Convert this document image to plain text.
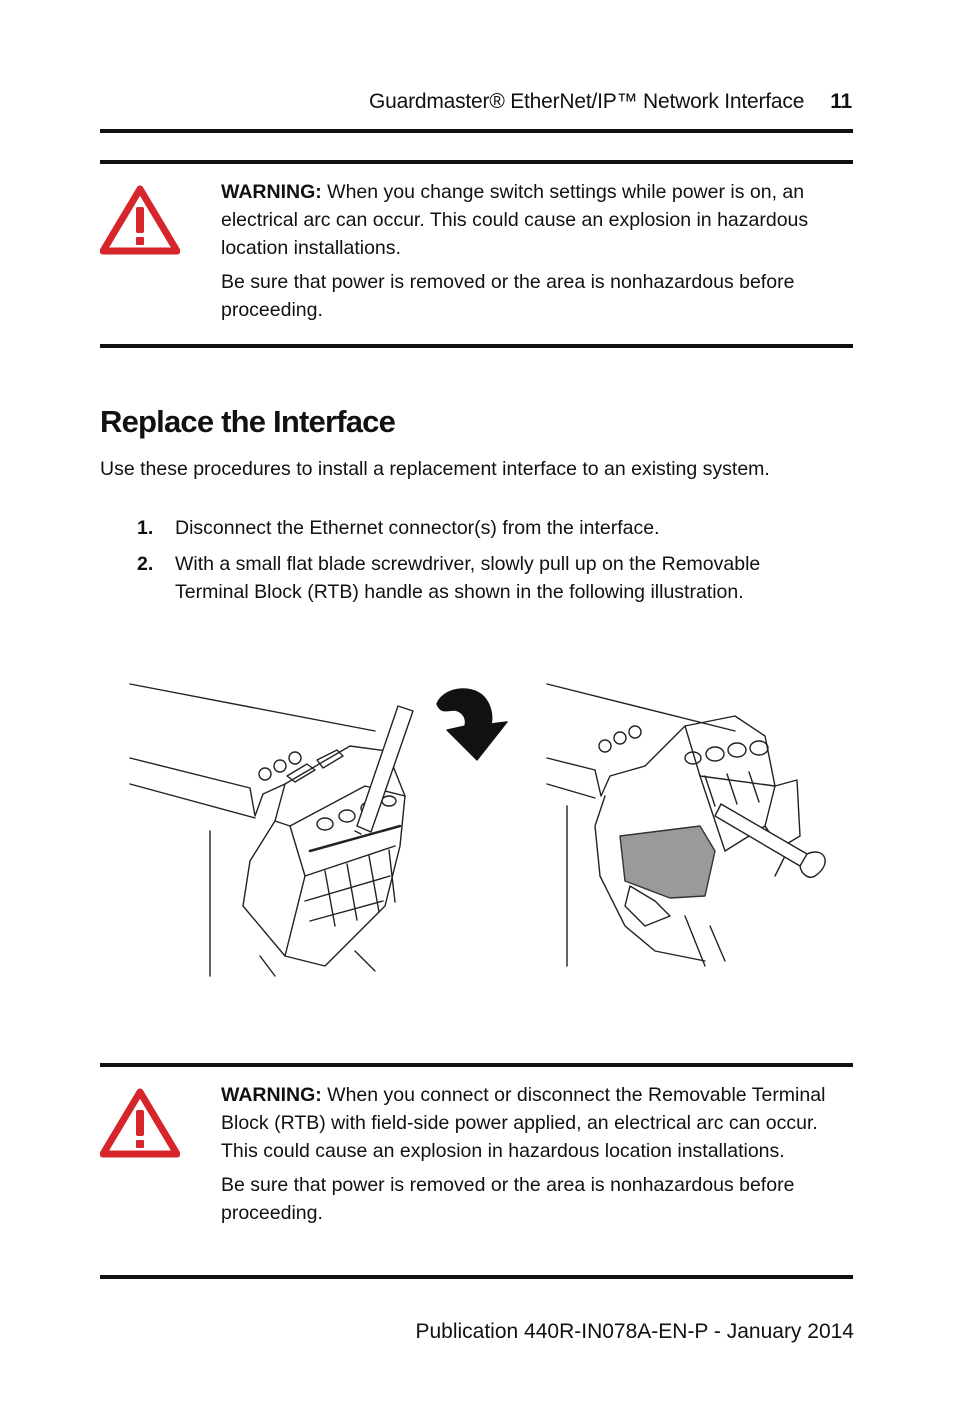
Guardmaster® EtherNet/IP™ Network Interface 11

WARNING: When you change switch settings while power is on, an electrical arc can occur. This could cause an explosion in hazardous location installations.

Be sure that power is removed or the area is nonhazardous before proceeding.

Replace the Interface

Use these procedures to install a replacement interface to an existing system.

1.	Disconnect the Ethernet connector(s) from the interface.
2.	With a small flat blade screwdriver, slowly pull up on the Removable Terminal Block (RTB) handle as shown in the following illustration.

WARNING: When you connect or disconnect the Removable Terminal Block (RTB) with field-side power applied, an electrical arc can occur. This could cause an explosion in hazardous location installations.

Be sure that power is removed or the area is nonhazardous before proceeding.

Publication 440R-IN078A-EN-P - January 2014
